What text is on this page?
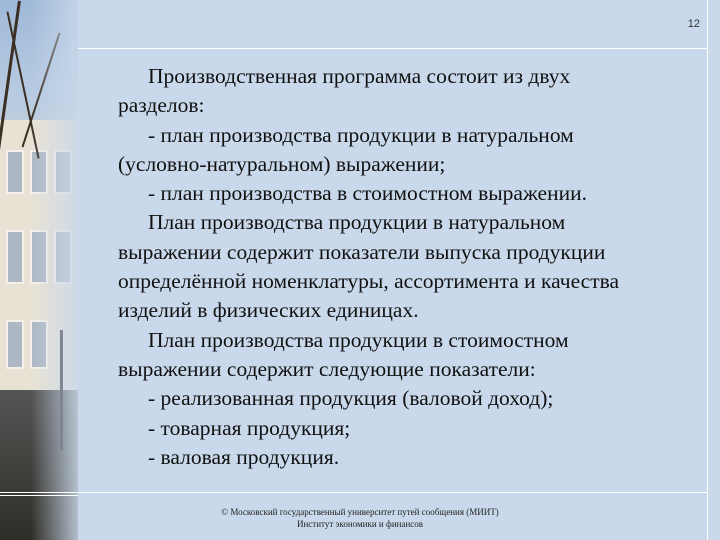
12

Производственная программа состоит из двух

разделов:

- план производства продукции в натуральном

(условно-натуральном) выражении;

- план производства в стоимостном выражении.

План производства продукции в натуральном

выражении содержит показатели выпуска продукции

определённой номенклатуры, ассортимента и качества

изделий в физических единицах.

План производства продукции в стоимостном

выражении содержит следующие показатели:

- реализованная продукция (валовой доход);

- товарная продукция;

- валовая продукция.

© Московский государственный университет путей сообщения (МИИТ)
Институт экономики и финансов
